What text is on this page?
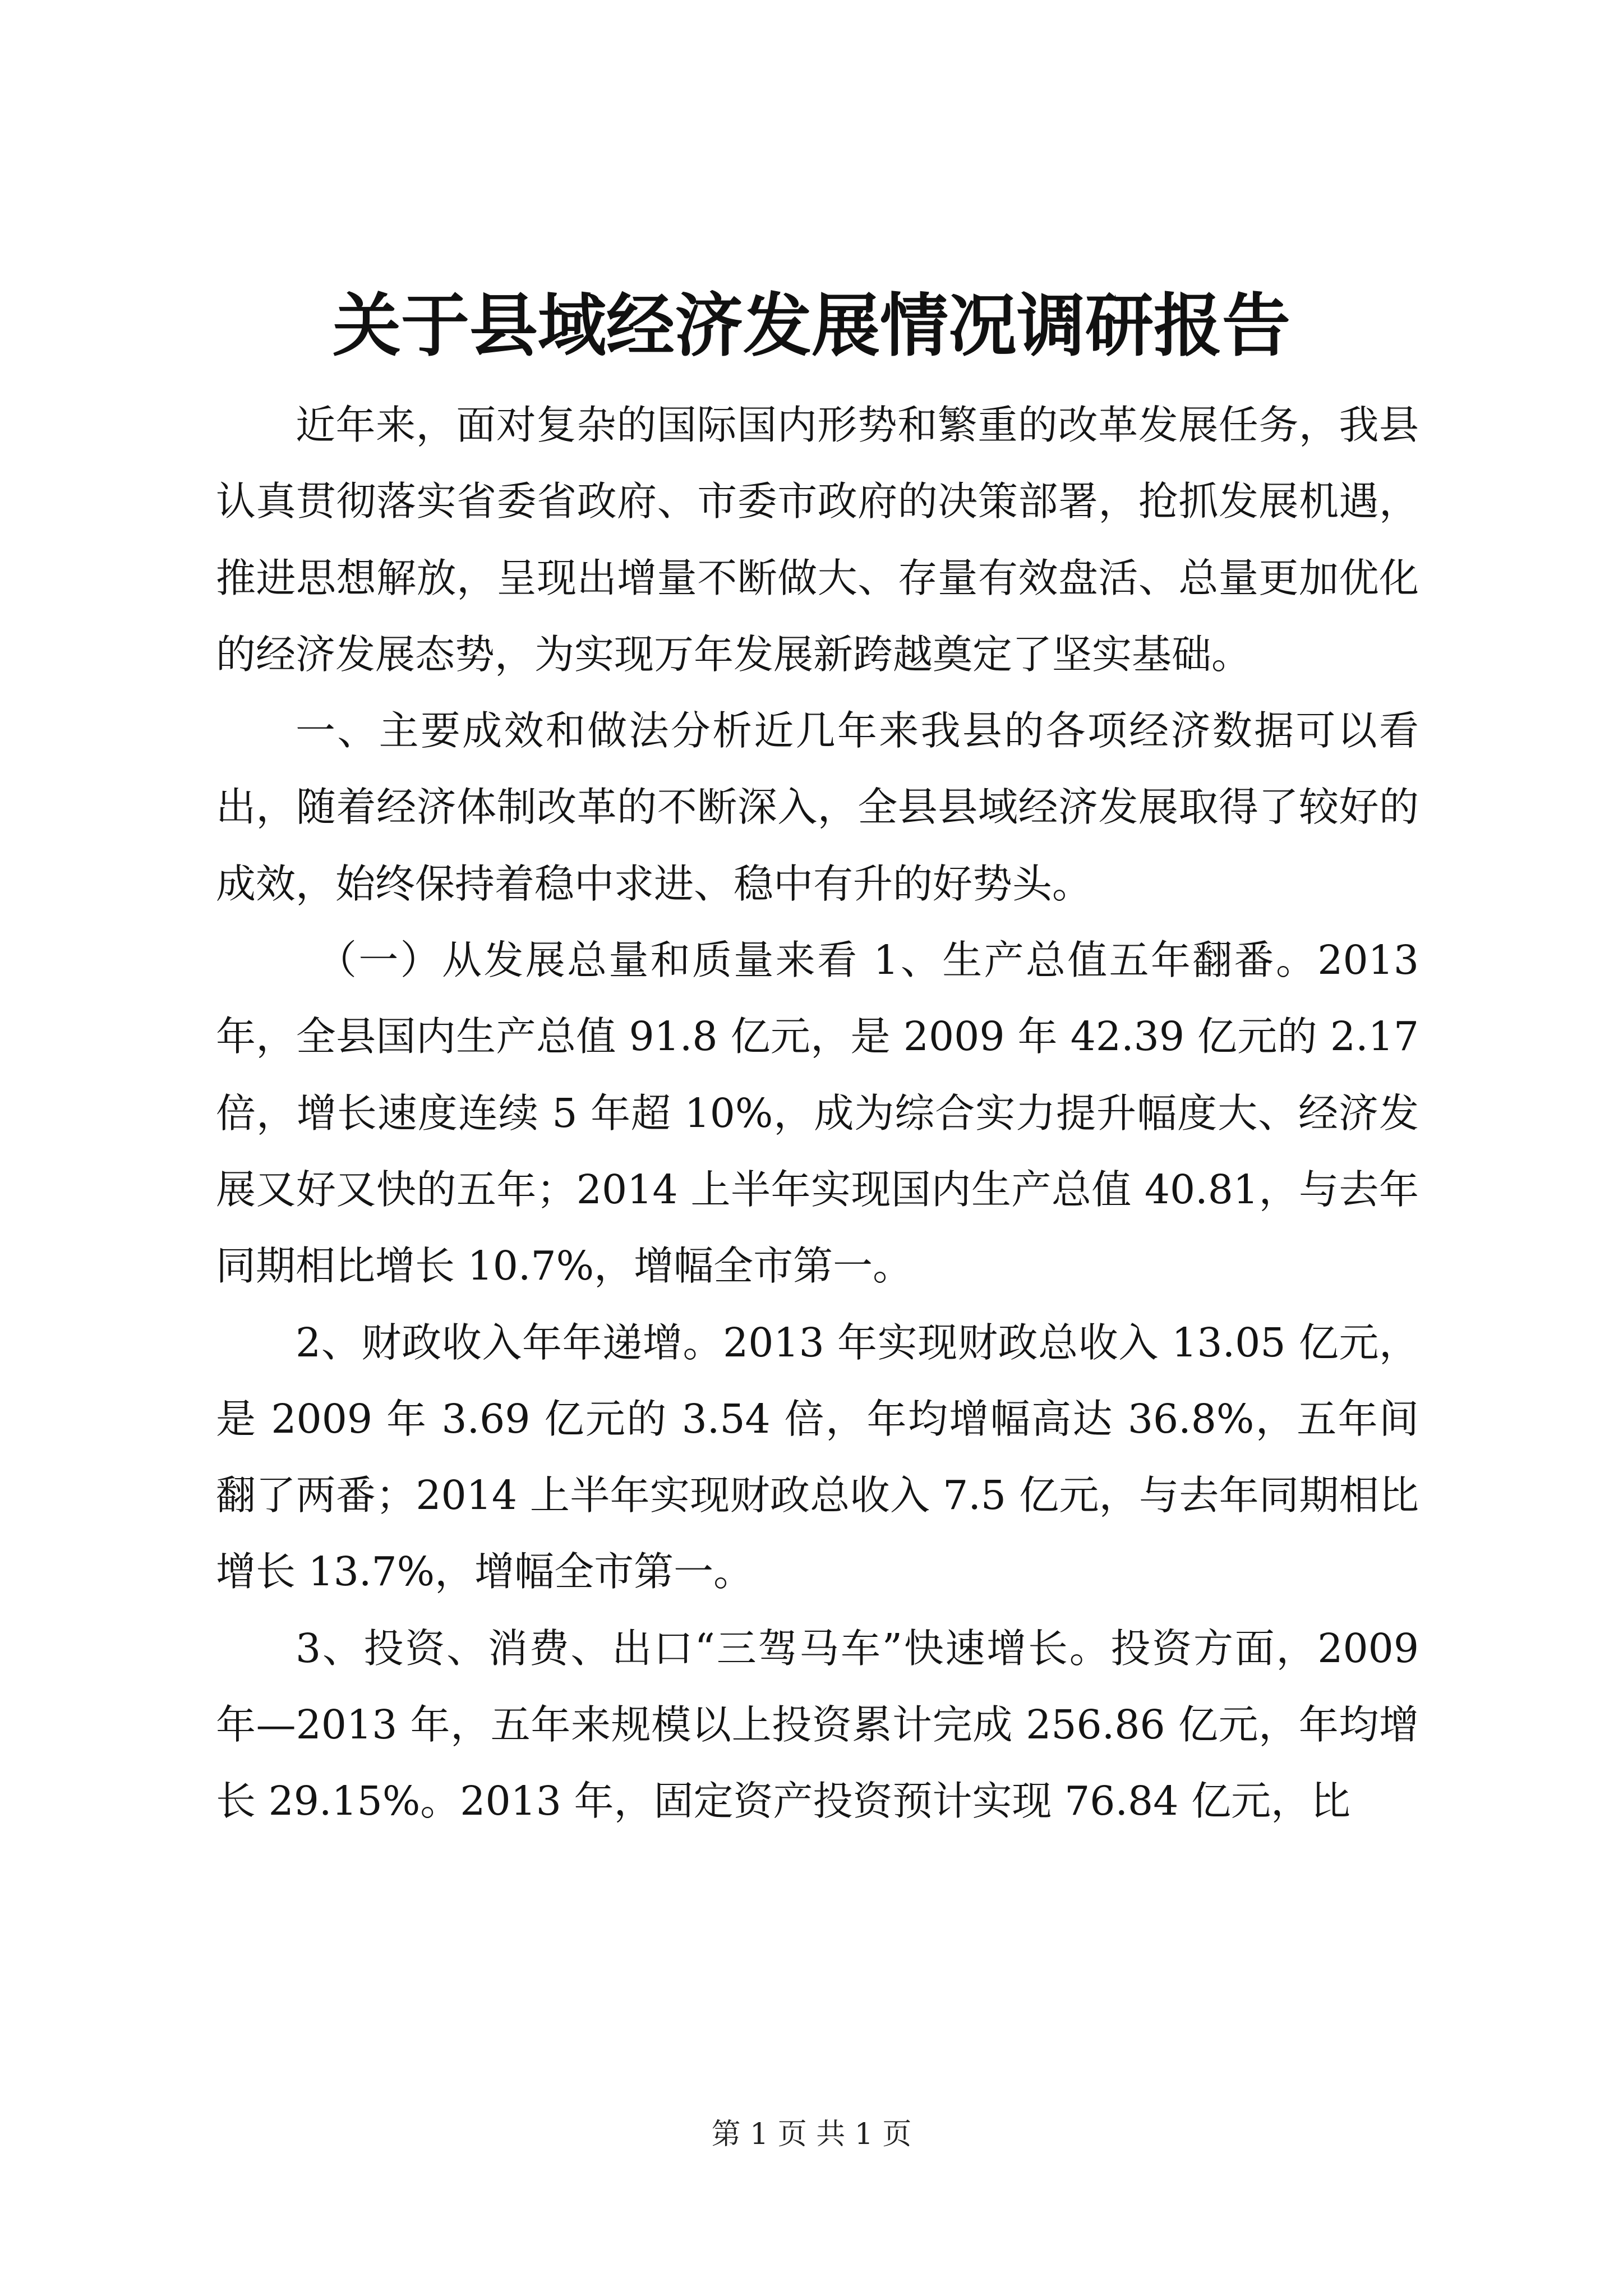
关于县域经济发展情况调研报告

近年来，面对复杂的国际国内形势和繁重的改革发展任务，我县认真贯彻落实省委省政府、市委市政府的决策部署，抢抓发展机遇，推进思想解放，呈现出增量不断做大、存量有效盘活、总量更加优化的经济发展态势，为实现万年发展新跨越奠定了坚实基础。

一、主要成效和做法分析近几年来我县的各项经济数据可以看出，随着经济体制改革的不断深入，全县县域经济发展取得了较好的成效，始终保持着稳中求进、稳中有升的好势头。

（一）从发展总量和质量来看 1、生产总值五年翻番。2013 年，全县国内生产总值 91.8 亿元，是 2009 年 42.39 亿元的 2.17 倍，增长速度连续 5 年超 10%，成为综合实力提升幅度大、经济发展又好又快的五年；2014 上半年实现国内生产总值 40.81，与去年同期相比增长 10.7%，增幅全市第一。

2、财政收入年年递增。2013 年实现财政总收入 13.05 亿元，是 2009 年 3.69 亿元的 3.54 倍，年均增幅高达 36.8%，五年间翻了两番；2014 上半年实现财政总收入 7.5 亿元，与去年同期相比增长 13.7%，增幅全市第一。

3、投资、消费、出口“三驾马车”快速增长。投资方面，2009 年—2013 年，五年来规模以上投资累计完成 256.86 亿元，年均增长 29.15%。2013 年，固定资产投资预计实现 76.84 亿元，比

第 1 页 共 1 页
